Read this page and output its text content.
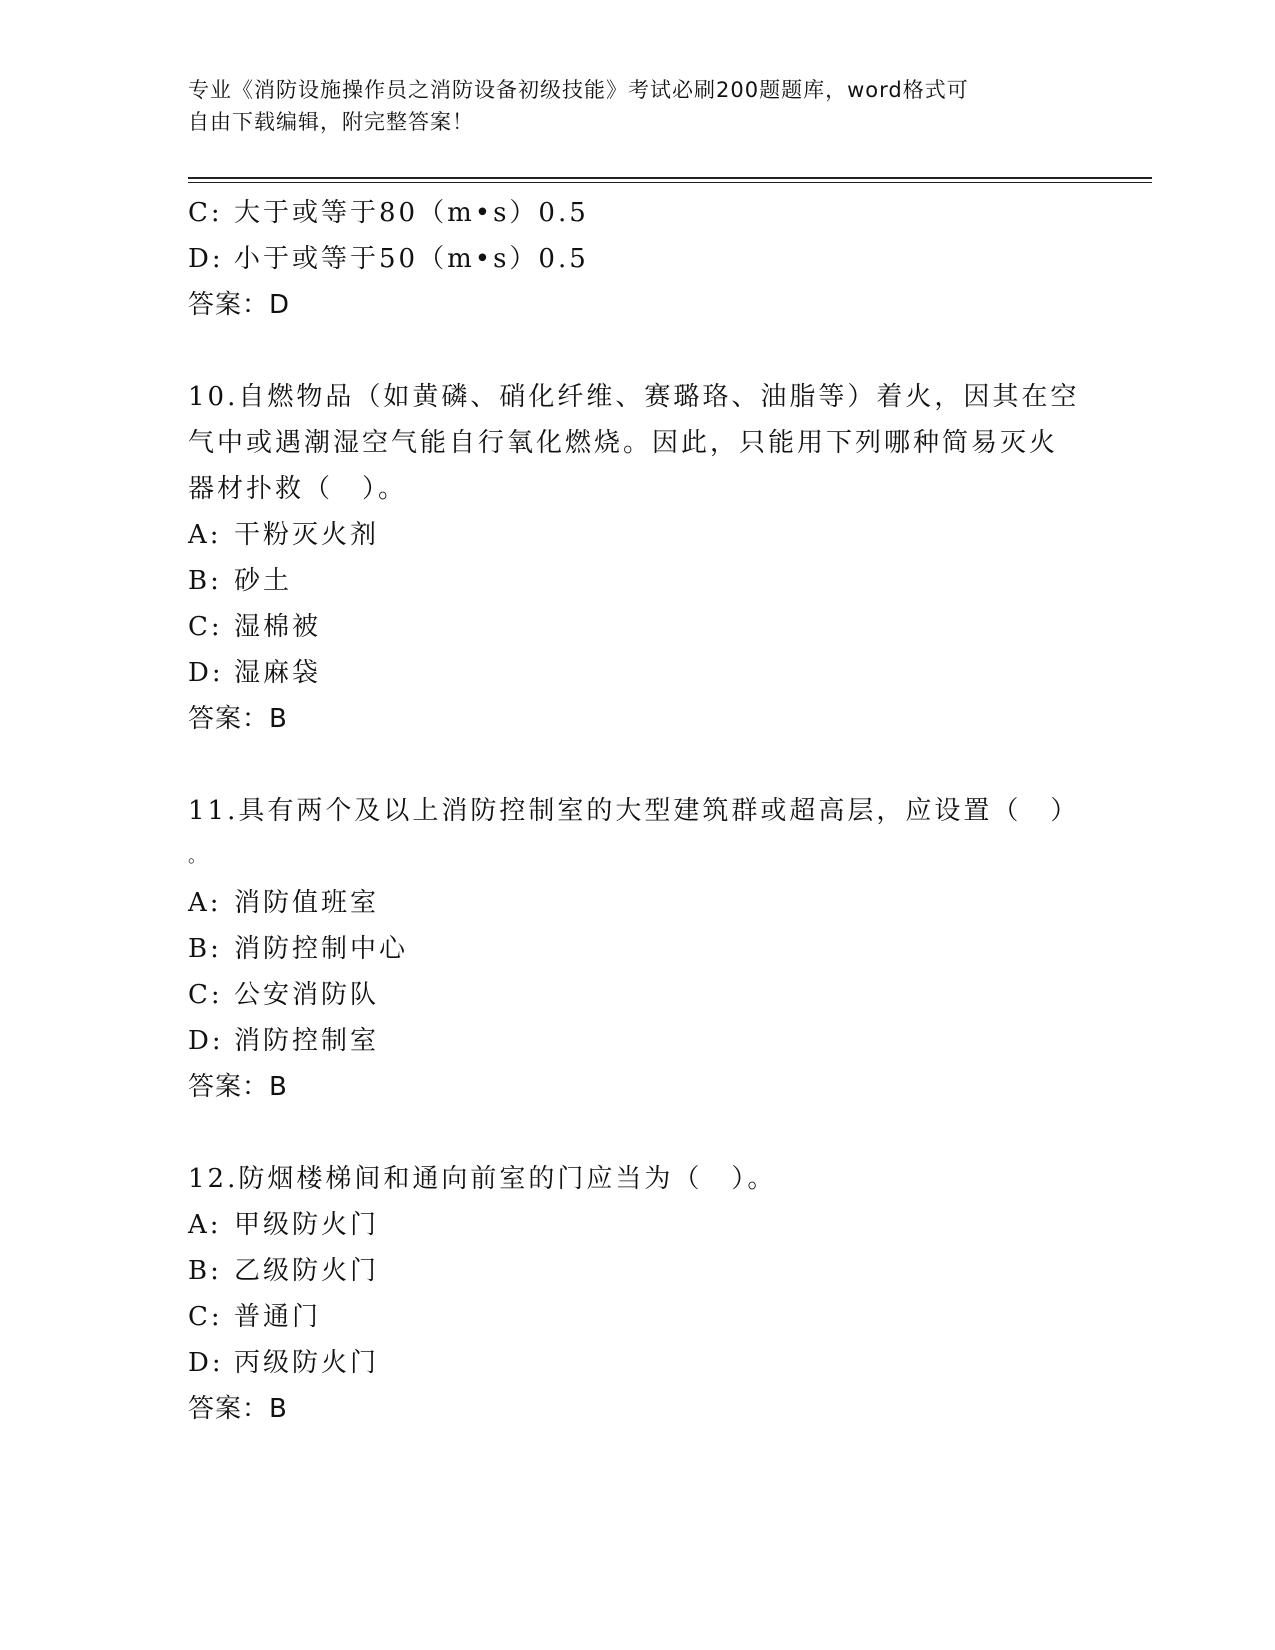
专业《消防设施操作员之消防设备初级技能》考试必刷200题题库，word格式可
自由下载编辑，附完整答案！
C: 大于或等于80（m•s）0.5
D: 小于或等于50（m•s）0.5
答案：D
10.自燃物品（如黄磷、硝化纤维、赛璐珞、油脂等）着火，因其在空
气中或遇潮湿空气能自行氧化燃烧。因此，只能用下列哪种简易灭火
器材扑救（　）。
A: 干粉灭火剂
B: 砂土
C: 湿棉被
D: 湿麻袋
答案：B
11.具有两个及以上消防控制室的大型建筑群或超高层，应设置（　）
。
A: 消防值班室
B: 消防控制中心
C: 公安消防队
D: 消防控制室
答案：B
12.防烟楼梯间和通向前室的门应当为（　）。
A: 甲级防火门
B: 乙级防火门
C: 普通门
D: 丙级防火门
答案：B
